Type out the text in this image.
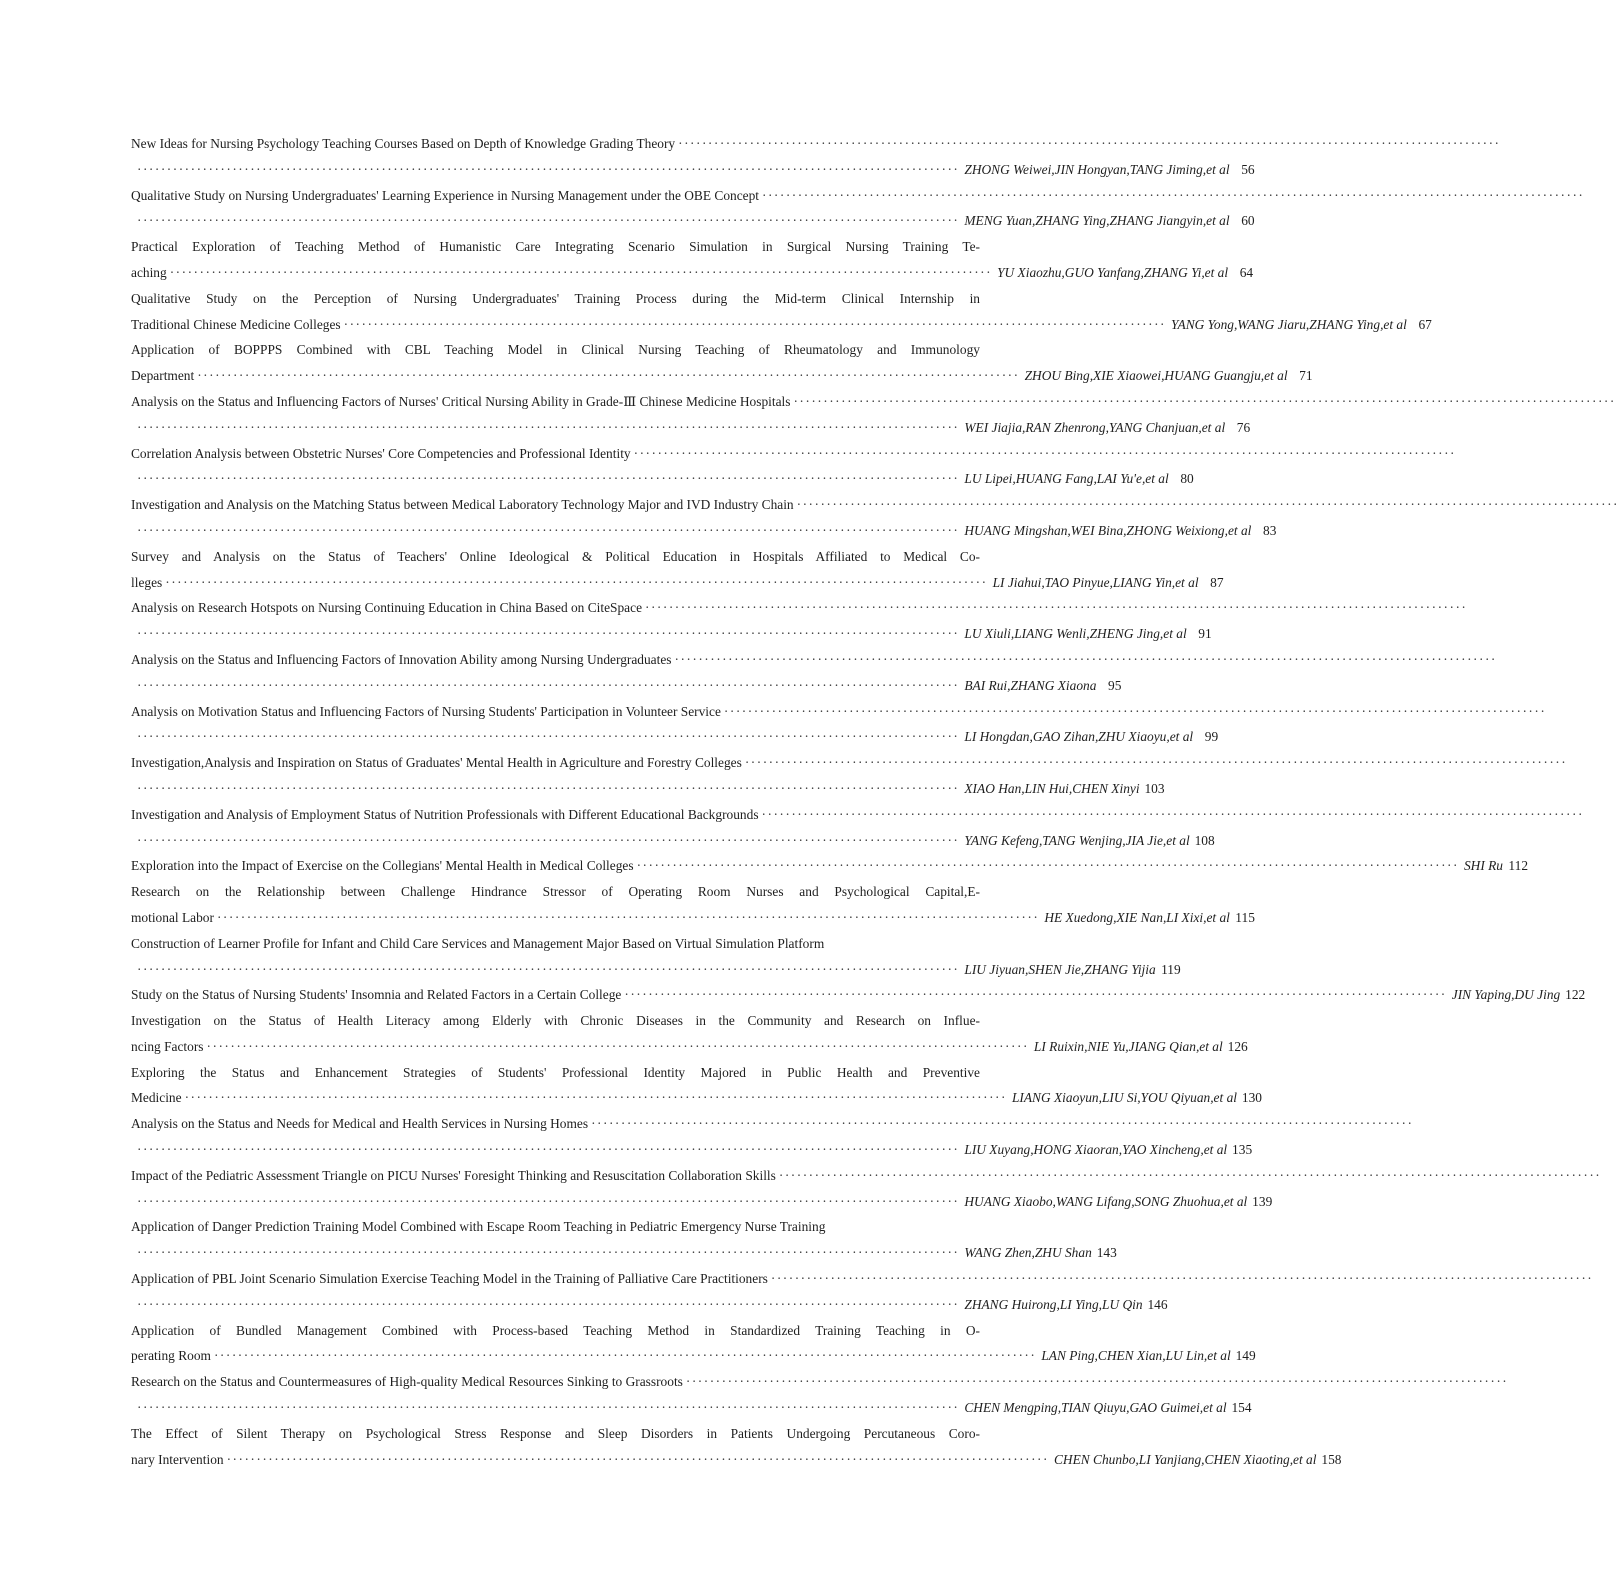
New Ideas for Nursing Psychology Teaching Courses Based on Depth of Knowledge Grading Theory ··········································································································································
·········································································································································· ZHONG Weiwei,JIN Hongyan,TANG Jiming,et al 56
Qualitative Study on Nursing Undergraduates' Learning Experience in Nursing Management under the OBE Concept ··········································································································································
·········································································································································· MENG Yuan,ZHANG Ying,ZHANG Jiangyin,et al 60
Practical Exploration of Teaching Method of Humanistic Care Integrating Scenario Simulation in Surgical Nursing Training Te-
aching ·········································································································································· YU Xiaozhu,GUO Yanfang,ZHANG Yi,et al 64
Qualitative Study on the Perception of Nursing Undergraduates' Training Process during the Mid-term Clinical Internship in
Traditional Chinese Medicine Colleges ·········································································································································· YANG Yong,WANG Jiaru,ZHANG Ying,et al 67
Application of BOPPPS Combined with CBL Teaching Model in Clinical Nursing Teaching of Rheumatology and Immunology
Department ·········································································································································· ZHOU Bing,XIE Xiaowei,HUANG Guangju,et al 71
Analysis on the Status and Influencing Factors of Nurses' Critical Nursing Ability in Grade-Ⅲ Chinese Medicine Hospitals ··········································································································································
·········································································································································· WEI Jiajia,RAN Zhenrong,YANG Chanjuan,et al 76
Correlation Analysis between Obstetric Nurses' Core Competencies and Professional Identity ··········································································································································
·········································································································································· LU Lipei,HUANG Fang,LAI Yu'e,et al 80
Investigation and Analysis on the Matching Status between Medical Laboratory Technology Major and IVD Industry Chain ··········································································································································
·········································································································································· HUANG Mingshan,WEI Bina,ZHONG Weixiong,et al 83
Survey and Analysis on the Status of Teachers' Online Ideological & Political Education in Hospitals Affiliated to Medical Co-
lleges ·········································································································································· LI Jiahui,TAO Pinyue,LIANG Yin,et al 87
Analysis on Research Hotspots on Nursing Continuing Education in China Based on CiteSpace ··········································································································································
·········································································································································· LU Xiuli,LIANG Wenli,ZHENG Jing,et al 91
Analysis on the Status and Influencing Factors of Innovation Ability among Nursing Undergraduates ··········································································································································
·········································································································································· BAI Rui,ZHANG Xiaona 95
Analysis on Motivation Status and Influencing Factors of Nursing Students' Participation in Volunteer Service ··········································································································································
·········································································································································· LI Hongdan,GAO Zihan,ZHU Xiaoyu,et al 99
Investigation,Analysis and Inspiration on Status of Graduates' Mental Health in Agriculture and Forestry Colleges ··········································································································································
·········································································································································· XIAO Han,LIN Hui,CHEN Xinyi 103
Investigation and Analysis of Employment Status of Nutrition Professionals with Different Educational Backgrounds ··········································································································································
·········································································································································· YANG Kefeng,TANG Wenjing,JIA Jie,et al 108
Exploration into the Impact of Exercise on the Collegians' Mental Health in Medical Colleges ·········································································································································· SHI Ru 112
Research on the Relationship between Challenge Hindrance Stressor of Operating Room Nurses and Psychological Capital,E-
motional Labor ·········································································································································· HE Xuedong,XIE Nan,LI Xixi,et al 115
Construction of Learner Profile for Infant and Child Care Services and Management Major Based on Virtual Simulation Platform
·········································································································································· LIU Jiyuan,SHEN Jie,ZHANG Yijia 119
Study on the Status of Nursing Students' Insomnia and Related Factors in a Certain College ·········································································································································· JIN Yaping,DU Jing 122
Investigation on the Status of Health Literacy among Elderly with Chronic Diseases in the Community and Research on Influe-
ncing Factors ·········································································································································· LI Ruixin,NIE Yu,JIANG Qian,et al 126
Exploring the Status and Enhancement Strategies of Students' Professional Identity Majored in Public Health and Preventive
Medicine ·········································································································································· LIANG Xiaoyun,LIU Si,YOU Qiyuan,et al 130
Analysis on the Status and Needs for Medical and Health Services in Nursing Homes ··········································································································································
·········································································································································· LIU Xuyang,HONG Xiaoran,YAO Xincheng,et al 135
Impact of the Pediatric Assessment Triangle on PICU Nurses' Foresight Thinking and Resuscitation Collaboration Skills ··········································································································································
·········································································································································· HUANG Xiaobo,WANG Lifang,SONG Zhuohua,et al 139
Application of Danger Prediction Training Model Combined with Escape Room Teaching in Pediatric Emergency Nurse Training
·········································································································································· WANG Zhen,ZHU Shan 143
Application of PBL Joint Scenario Simulation Exercise Teaching Model in the Training of Palliative Care Practitioners ··········································································································································
·········································································································································· ZHANG Huirong,LI Ying,LU Qin 146
Application of Bundled Management Combined with Process-based Teaching Method in Standardized Training Teaching in O-
perating Room ·········································································································································· LAN Ping,CHEN Xian,LU Lin,et al 149
Research on the Status and Countermeasures of High-quality Medical Resources Sinking to Grassroots ··········································································································································
·········································································································································· CHEN Mengping,TIAN Qiuyu,GAO Guimei,et al 154
The Effect of Silent Therapy on Psychological Stress Response and Sleep Disorders in Patients Undergoing Percutaneous Coro-
nary Intervention ·········································································································································· CHEN Chunbo,LI Yanjiang,CHEN Xiaoting,et al 158
